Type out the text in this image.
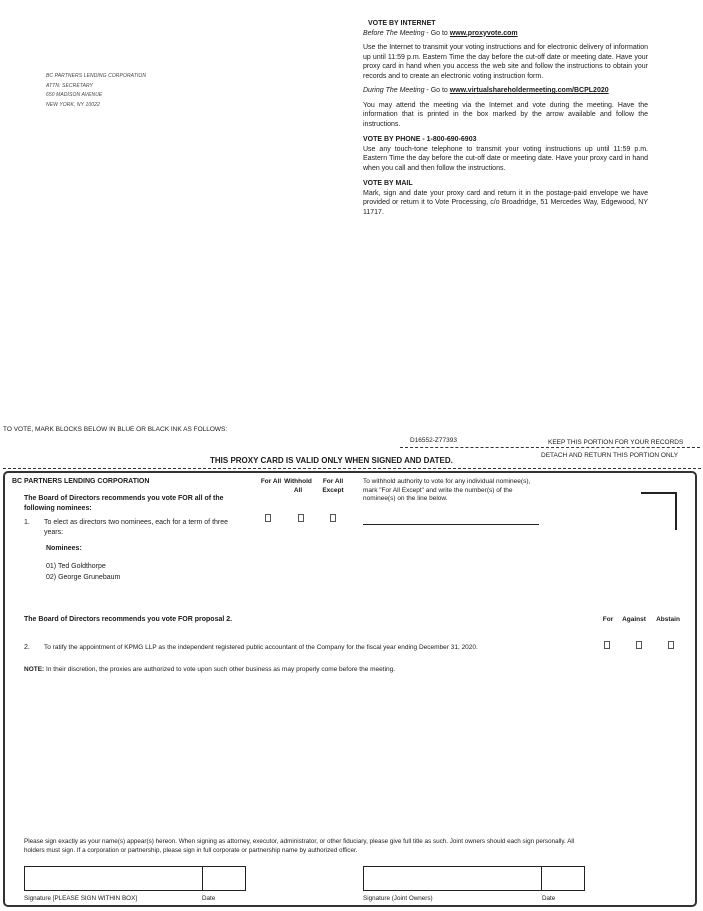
BC PARTNERS LENDING CORPORATION
ATTN: SECRETARY
650 MADISON AVENUE
NEW YORK, NY 10022
VOTE BY INTERNET
Before The Meeting - Go to www.proxyvote.com
Use the Internet to transmit your voting instructions and for electronic delivery of information up until 11:59 p.m. Eastern Time the day before the cut-off date or meeting date. Have your proxy card in hand when you access the web site and follow the instructions to obtain your records and to create an electronic voting instruction form.
During The Meeting - Go to www.virtualshareholdermeeting.com/BCPL2020
You may attend the meeting via the Internet and vote during the meeting. Have the information that is printed in the box marked by the arrow available and follow the instructions.
VOTE BY PHONE - 1-800-690-6903
Use any touch-tone telephone to transmit your voting instructions up until 11:59 p.m. Eastern Time the day before the cut-off date or meeting date. Have your proxy card in hand when you call and then follow the instructions.
VOTE BY MAIL
Mark, sign and date your proxy card and return it in the postage-paid envelope we have provided or return it to Vote Processing, c/o Broadridge, 51 Mercedes Way, Edgewood, NY 11717.
TO VOTE, MARK BLOCKS BELOW IN BLUE OR BLACK INK AS FOLLOWS:
D16552-Z77393	KEEP THIS PORTION FOR YOUR RECORDS
THIS PROXY CARD IS VALID ONLY WHEN SIGNED AND DATED.
DETACH AND RETURN THIS PORTION ONLY
BC PARTNERS LENDING CORPORATION
The Board of Directors recommends you vote FOR all of the following nominees:
1. To elect as directors two nominees, each for a term of three years:
Nominees:
01) Ted Goldthorpe
02) George Grunebaum
For All Withhold All
For All Except
To withhold authority to vote for any individual nominee(s), mark "For All Except" and write the number(s) of the nominee(s) on the line below.
The Board of Directors recommends you vote FOR proposal 2.	For	Against	Abstain
2. To ratify the appointment of KPMG LLP as the independent registered public accountant of the Company for the fiscal year ending December 31, 2020.
NOTE: In their discretion, the proxies are authorized to vote upon such other business as may properly come before the meeting.
Please sign exactly as your name(s) appear(s) hereon. When signing as attorney, executor, administrator, or other fiduciary, please give full title as such. Joint owners should each sign personally. All holders must sign. If a corporation or partnership, please sign in full corporate or partnership name by authorized officer.
Signature [PLEASE SIGN WITHIN BOX]	Date	Signature (Joint Owners)	Date
